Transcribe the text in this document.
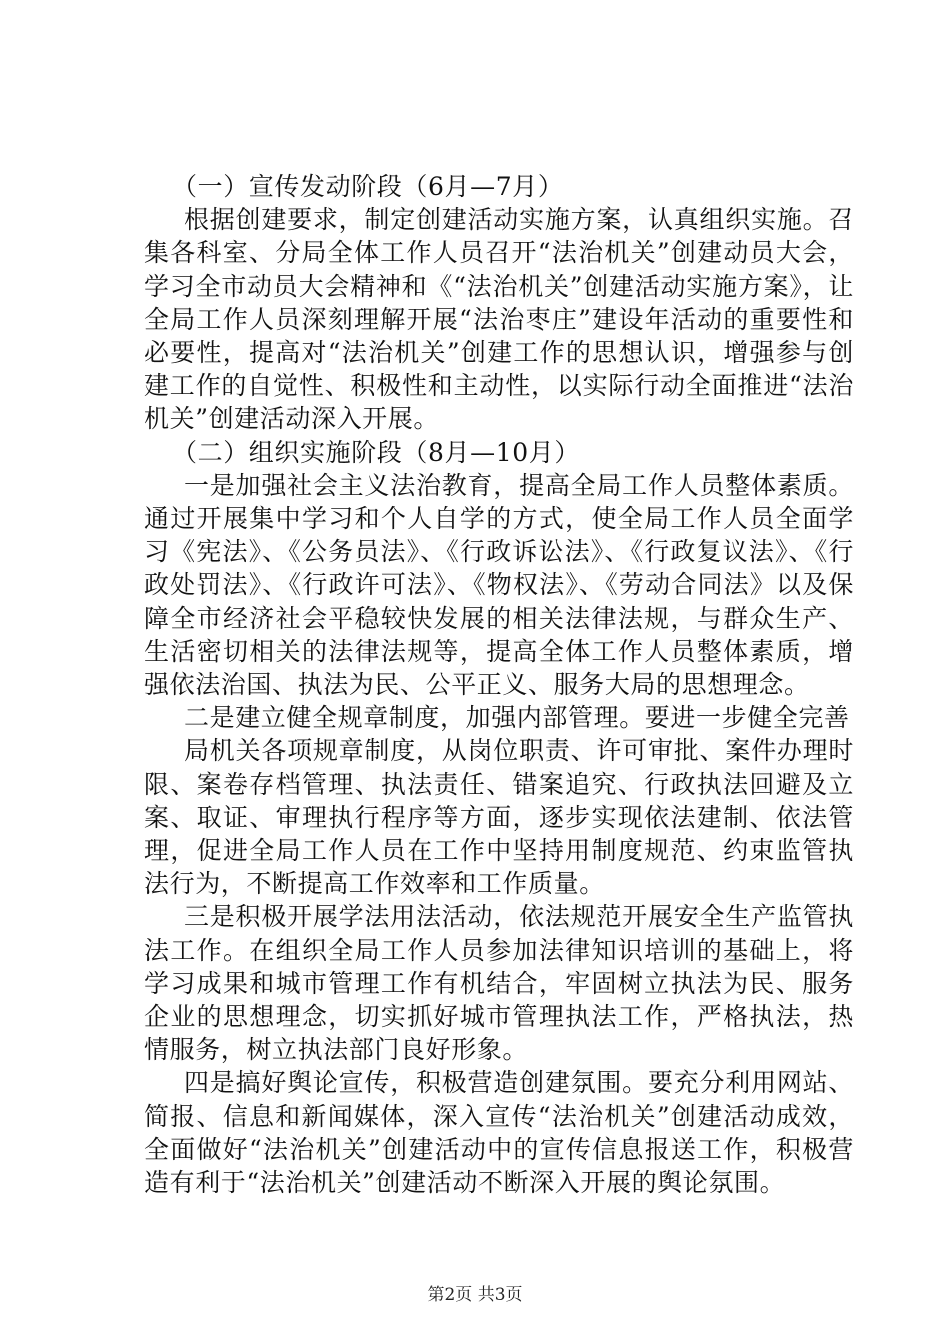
（一）宣传发动阶段（6月—7月）

根据创建要求，制定创建活动实施方案，认真组织实施。召集各科室、分局全体工作人员召开“法治机关”创建动员大会，学习全市动员大会精神和《“法治机关”创建活动实施方案》，让全局工作人员深刻理解开展“法治枣庄”建设年活动的重要性和必要性，提高对“法治机关”创建工作的思想认识，增强参与创建工作的自觉性、积极性和主动性，以实际行动全面推进“法治机关”创建活动深入开展。

（二）组织实施阶段（8月—10月）

一是加强社会主义法治教育，提高全局工作人员整体素质。通过开展集中学习和个人自学的方式，使全局工作人员全面学习《宪法》、《公务员法》、《行政诉讼法》、《行政复议法》、《行政处罚法》、《行政许可法》、《物权法》、《劳动合同法》以及保障全市经济社会平稳较快发展的相关法律法规，与群众生产、生活密切相关的法律法规等，提高全体工作人员整体素质，增强依法治国、执法为民、公平正义、服务大局的思想理念。

二是建立健全规章制度，加强内部管理。要进一步健全完善

局机关各项规章制度，从岗位职责、许可审批、案件办理时限、案卷存档管理、执法责任、错案追究、行政执法回避及立案、取证、审理执行程序等方面，逐步实现依法建制、依法管理，促进全局工作人员在工作中坚持用制度规范、约束监管执法行为，不断提高工作效率和工作质量。

三是积极开展学法用法活动，依法规范开展安全生产监管执法工作。在组织全局工作人员参加法律知识培训的基础上，将学习成果和城市管理工作有机结合，牢固树立执法为民、服务企业的思想理念，切实抓好城市管理执法工作，严格执法，热情服务，树立执法部门良好形象。

四是搞好舆论宣传，积极营造创建氛围。要充分利用网站、简报、信息和新闻媒体，深入宣传“法治机关”创建活动成效，全面做好“法治机关”创建活动中的宣传信息报送工作，积极营造有利于“法治机关”创建活动不断深入开展的舆论氛围。

第2页 共3页
